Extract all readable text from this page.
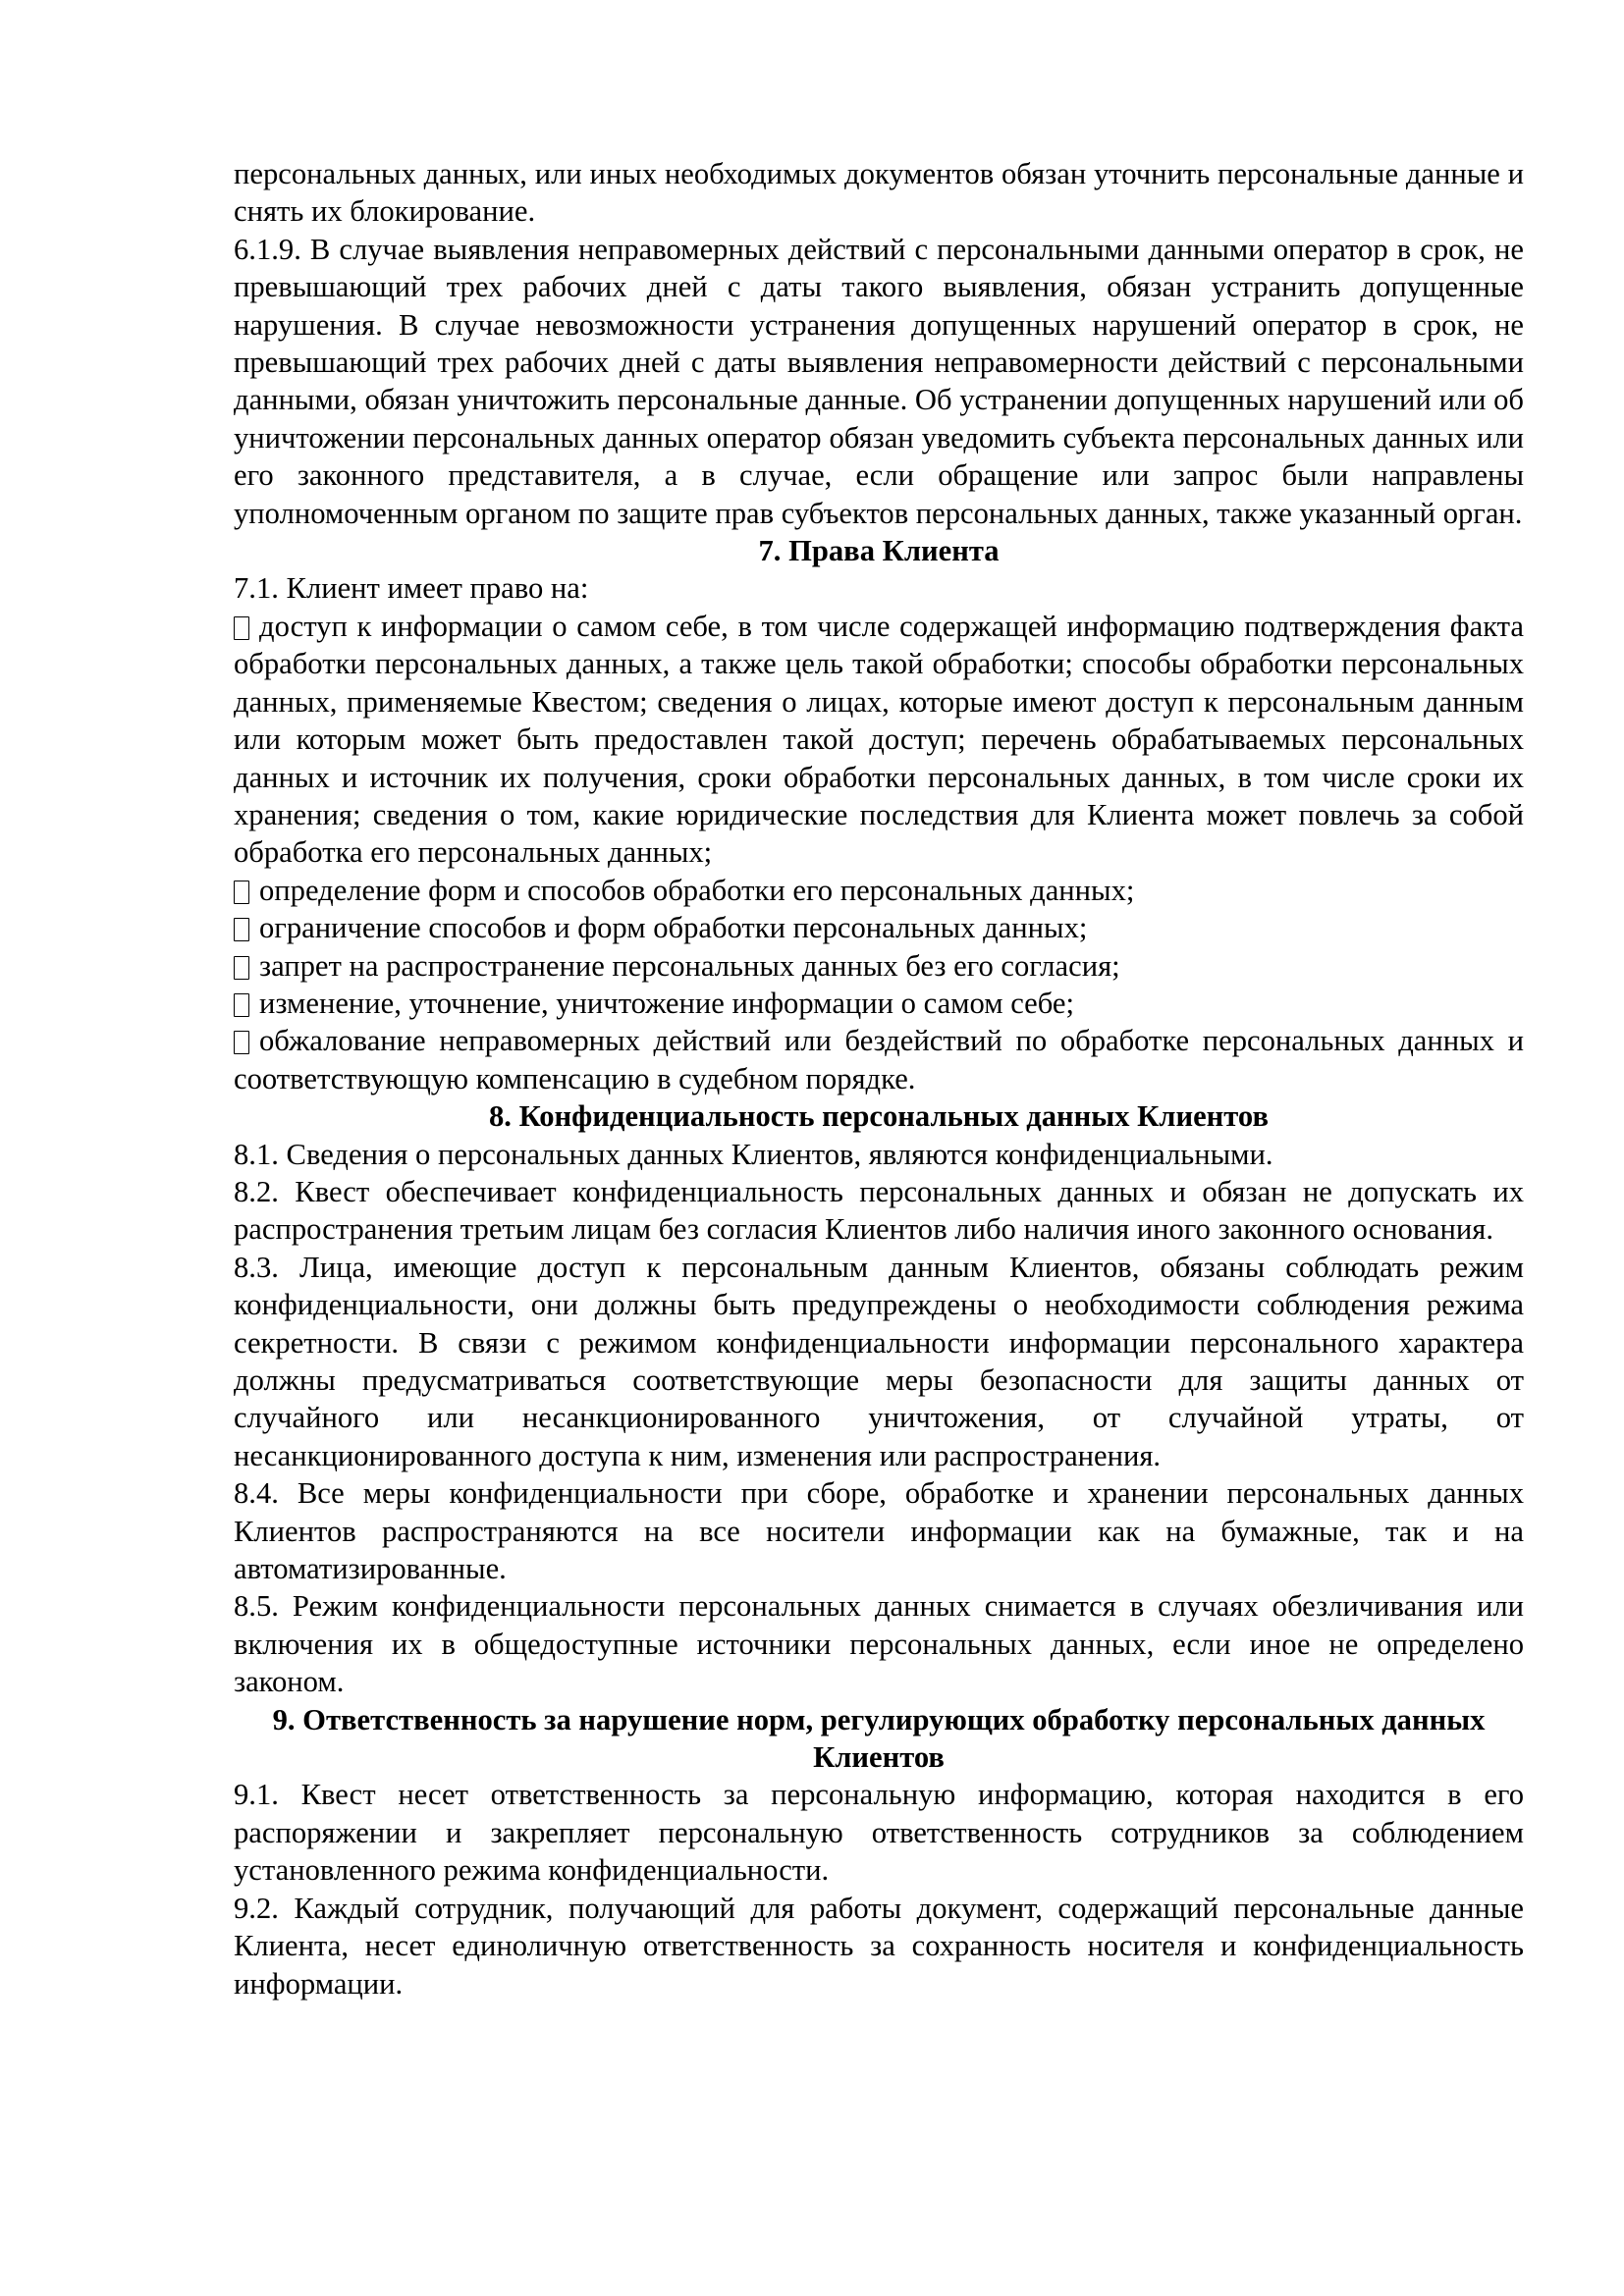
персональных данных, или иных необходимых документов обязан уточнить персональные данные и снять их блокирование.

6.1.9. В случае выявления неправомерных действий с персональными данными оператор в срок, не превышающий трех рабочих дней с даты такого выявления, обязан устранить допущенные нарушения. В случае невозможности устранения допущенных нарушений оператор в срок, не превышающий трех рабочих дней с даты выявления неправомерности действий с персональными данными, обязан уничтожить персональные данные. Об устранении допущенных нарушений или об уничтожении персональных данных оператор обязан уведомить субъекта персональных данных или его законного представителя, а в случае, если обращение или запрос были направлены уполномоченным органом по защите прав субъектов персональных данных, также указанный орган.

7. Права Клиента

7.1. Клиент имеет право на:

доступ к информации о самом себе, в том числе содержащей информацию подтверждения факта обработки персональных данных, а также цель такой обработки; способы обработки персональных данных, применяемые Квестом; сведения о лицах, которые имеют доступ к персональным данным или которым может быть предоставлен такой доступ; перечень обрабатываемых персональных данных и источник их получения, сроки обработки персональных данных, в том числе сроки их хранения; сведения о том, какие юридические последствия для Клиента может повлечь за собой обработка его персональных данных;

определение форм и способов обработки его персональных данных;

ограничение способов и форм обработки персональных данных;

запрет на распространение персональных данных без его согласия;

изменение, уточнение, уничтожение информации о самом себе;

обжалование неправомерных действий или бездействий по обработке персональных данных и соответствующую компенсацию в судебном порядке.

8. Конфиденциальность персональных данных Клиентов

8.1. Сведения о персональных данных Клиентов, являются конфиденциальными.

8.2. Квест обеспечивает конфиденциальность персональных данных и обязан не допускать их распространения третьим лицам без согласия Клиентов либо наличия иного законного основания.

8.3. Лица, имеющие доступ к персональным данным Клиентов, обязаны соблюдать режим конфиденциальности, они должны быть предупреждены о необходимости соблюдения режима секретности. В связи с режимом конфиденциальности информации персонального характера должны предусматриваться соответствующие меры безопасности для защиты данных от случайного или несанкционированного уничтожения, от случайной утраты, от несанкционированного доступа к ним, изменения или распространения.

8.4. Все меры конфиденциальности при сборе, обработке и хранении персональных данных Клиентов распространяются на все носители информации как на бумажные, так и на автоматизированные.

8.5. Режим конфиденциальности персональных данных снимается в случаях обезличивания или включения их в общедоступные источники персональных данных, если иное не определено законом.

9. Ответственность за нарушение норм, регулирующих обработку персональных данных Клиентов

9.1. Квест несет ответственность за персональную информацию, которая находится в его распоряжении и закрепляет персональную ответственность сотрудников за соблюдением установленного режима конфиденциальности.

9.2. Каждый сотрудник, получающий для работы документ, содержащий персональные данные Клиента, несет единоличную ответственность за сохранность носителя и конфиденциальность информации.
